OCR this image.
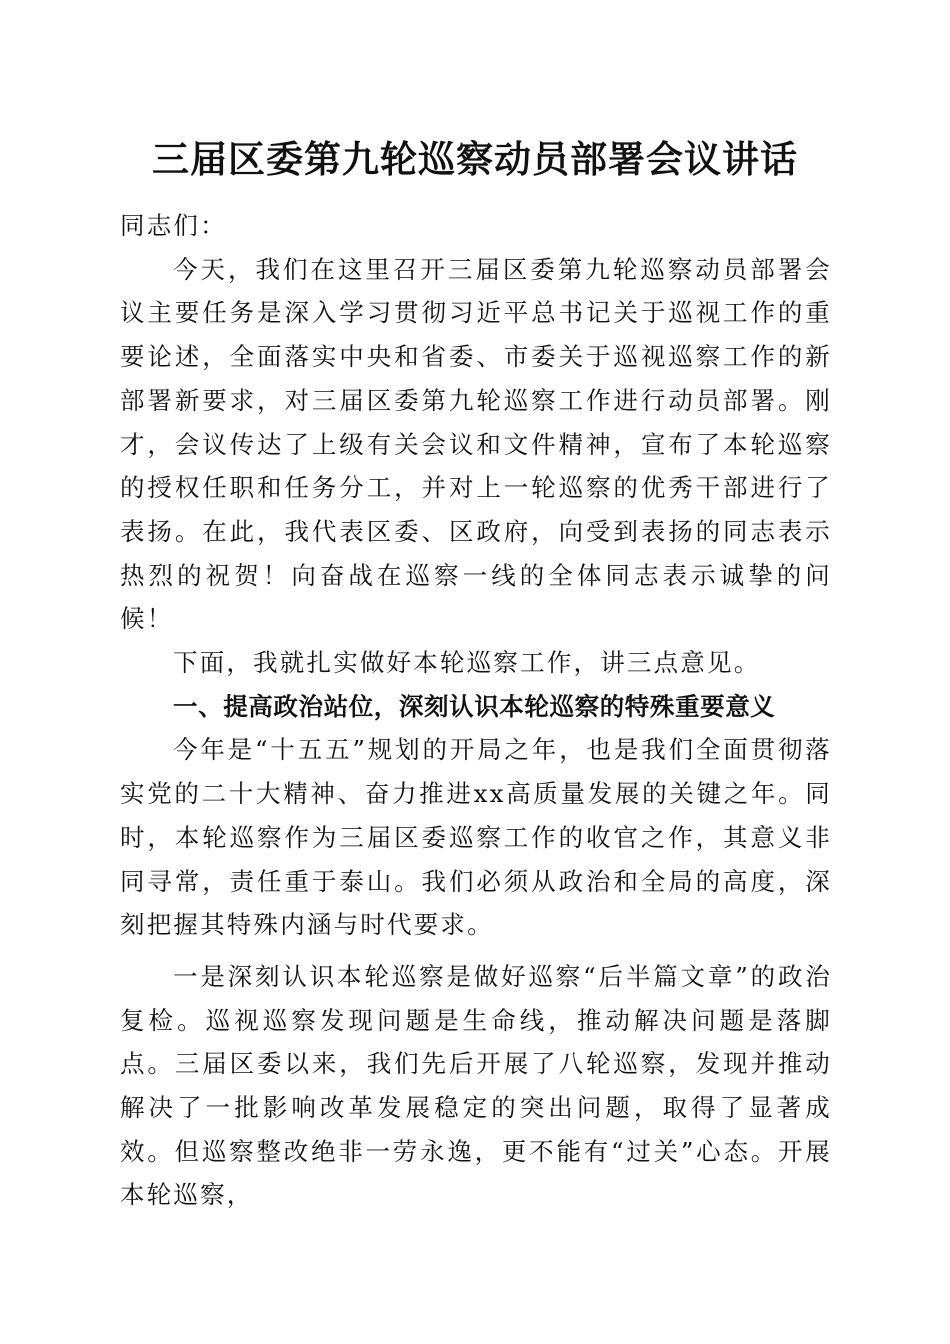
三届区委第九轮巡察动员部署会议讲话

同志们：

今天，我们在这里召开三届区委第九轮巡察动员部署会议主要任务是深入学习贯彻习近平总书记关于巡视工作的重要论述，全面落实中央和省委、市委关于巡视巡察工作的新部署新要求，对三届区委第九轮巡察工作进行动员部署。刚才，会议传达了上级有关会议和文件精神，宣布了本轮巡察的授权任职和任务分工，并对上一轮巡察的优秀干部进行了表扬。在此，我代表区委、区政府，向受到表扬的同志表示热烈的祝贺！向奋战在巡察一线的全体同志表示诚挚的问候！

下面，我就扎实做好本轮巡察工作，讲三点意见。

一、提高政治站位，深刻认识本轮巡察的特殊重要意义

今年是“十五五”规划的开局之年，也是我们全面贯彻落实党的二十大精神、奋力推进xx高质量发展的关键之年。同时，本轮巡察作为三届区委巡察工作的收官之作，其意义非同寻常，责任重于泰山。我们必须从政治和全局的高度，深刻把握其特殊内涵与时代要求。

一是深刻认识本轮巡察是做好巡察“后半篇文章”的政治复检。巡视巡察发现问题是生命线，推动解决问题是落脚点。三届区委以来，我们先后开展了八轮巡察，发现并推动解决了一批影响改革发展稳定的突出问题，取得了显著成效。但巡察整改绝非一劳永逸，更不能有“过关”心态。开展本轮巡察，
